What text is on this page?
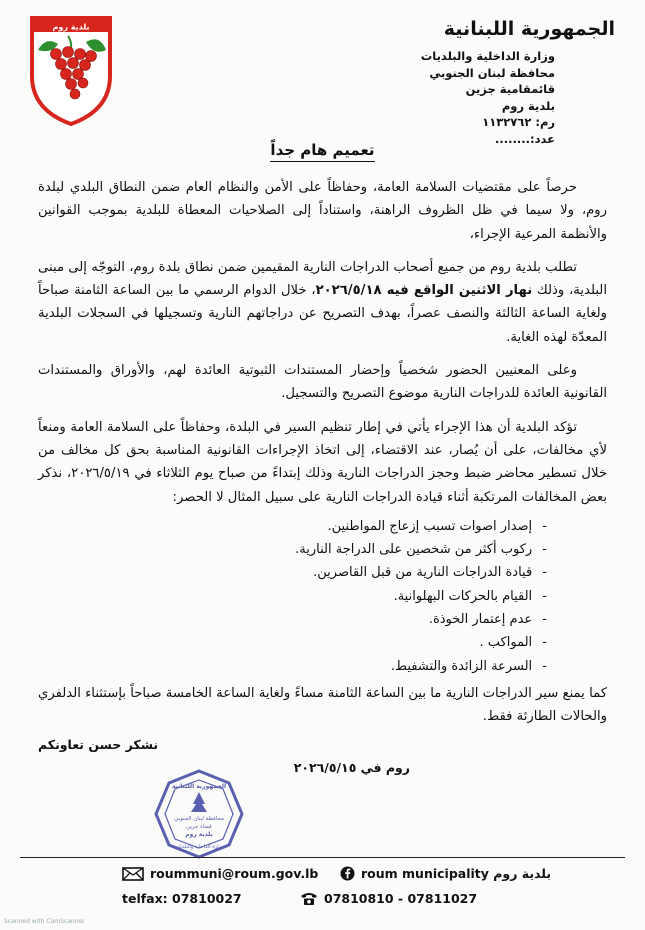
الجمهورية اللبنانية
وزارة الداخلية والبلديات
محافظة لبنان الجنوبي
قائمقامية جزين
بلدية روم
رم: ١١٣٢٧٦٢
عدد:........
بلدية روم
تعميم هام جداً

حرصاً على مقتضيات السلامة العامة، وحفاظاً على الأمن والنظام العام ضمن النطاق البلدي لبلدة روم، ولا سيما في ظل الظروف الراهنة، واستناداً إلى الصلاحيات المعطاة للبلدية بموجب القوانين والأنظمة المرعية الإجراء،

تطلب بلدية روم من جميع أصحاب الدراجات النارية المقيمين ضمن نطاق بلدة روم، التوجّه إلى مبنى البلدية، وذلك نهار الاثنين الواقع فيه ٢٠٢٦/٥/١٨، خلال الدوام الرسمي ما بين الساعة الثامنة صباحاً ولغاية الساعة الثالثة والنصف عصراً، بهدف التصريح عن دراجاتهم النارية وتسجيلها في السجلات البلدية المعدّة لهذه الغاية.

وعلى المعنيين الحضور شخصياً وإحضار المستندات الثبوتية العائدة لهم، والأوراق والمستندات القانونية العائدة للدراجات النارية موضوع التصريح والتسجيل.

تؤكد البلدية أن هذا الإجراء يأتي في إطار تنظيم السير في البلدة، وحفاظاً على السلامة العامة ومنعاً لأي مخالفات، على أن يُصار، عند الاقتضاء، إلى اتخاذ الإجراءات القانونية المناسبة بحق كل مخالف من خلال تسطير محاضر ضبط وحجز الدراجات النارية وذلك إبتداءً من صباح يوم الثلاثاء في ٢٠٢٦/٥/١٩، نذكر بعض المخالفات المرتكبة أثناء قيادة الدراجات النارية على سبيل المثال لا الحصر:

- إصدار اصوات تسبب إزعاج المواطنين.
- ركوب أكثر من شخصين على الدراجة النارية.
- قيادة الدراجات النارية من قبل القاصرين.
- القيام بالحركات البهلوانية.
- عدم إعتمار الخوذة.
- المواكب .
- السرعة الزائدة والتشفيط.

كما يمنع سير الدراجات النارية ما بين الساعة الثامنة مساءً ولغاية الساعة الخامسة صباحاً بإستثناء الدلفري والحالات الطارئة فقط.

نشكر حسن تعاونكم
روم في ٢٠٢٦/٥/١٥
الجمهورية اللبنانية
محافظة لبنان الجنوبي
قضاء جزين
بلدية روم
وزارة الداخلية والبلديات
roummuni@roum.gov.lb	roum municipality بلدية روم
telfax: 07810027	07810810 - 07811027
Scanned with CamScanner
